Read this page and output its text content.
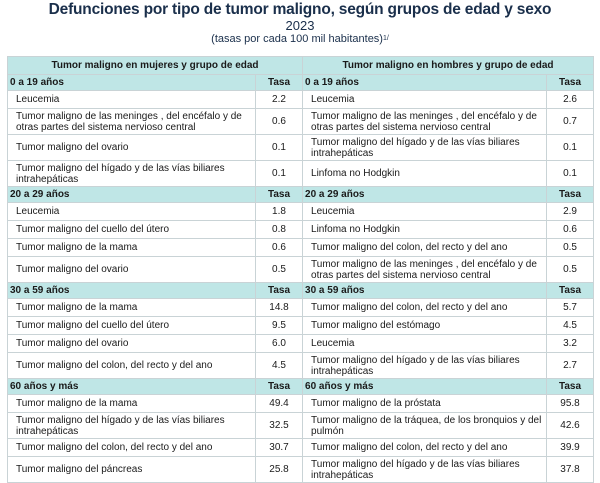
Defunciones por tipo de tumor maligno, según grupos de edad y sexo
2023
(tasas por cada 100 mil habitantes)$^{1/}$
Tumor maligno en mujeres y grupo de edad		Tumor maligno en hombres y grupo de edad	
0 a 19 años	Tasa	0 a 19 años	Tasa
Leucemia	2.2	Leucemia	2.6
Tumor maligno de las meninges , del encéfalo y de otras partes del sistema nervioso central	0.6	Tumor maligno de las meninges , del encéfalo y de otras partes del sistema nervioso central	0.7
Tumor maligno del ovario	0.1	Tumor maligno del hígado y de las vías biliares intrahepáticas	0.1
Tumor maligno del hígado y de las vías biliares intrahepáticas	0.1	Linfoma no Hodgkin	0.1
20 a 29 años	Tasa	20 a 29 años	Tasa
Leucemia	1.8	Leucemia	2.9
Tumor maligno del cuello del útero	0.8	Linfoma no Hodgkin	0.6
Tumor maligno de la mama	0.6	Tumor maligno del colon, del recto y del ano	0.5
Tumor maligno del ovario	0.5	Tumor maligno de las meninges , del encéfalo y de otras partes del sistema nervioso central	0.5
30 a 59 años	Tasa	30 a 59 años	Tasa
Tumor maligno de la mama	14.8	Tumor maligno del colon, del recto y del ano	5.7
Tumor maligno del cuello del útero	9.5	Tumor maligno del estómago	4.5
Tumor maligno del ovario	6.0	Leucemia	3.2
Tumor maligno del colon, del recto y del ano	4.5	Tumor maligno del hígado y de las vías biliares intrahepáticas	2.7
60 años y más	Tasa	60 años y más	Tasa
Tumor maligno de la mama	49.4	Tumor maligno de la próstata	95.8
Tumor maligno del hígado y de las vías biliares intrahepáticas	32.5	Tumor maligno de la tráquea, de los bronquios y del pulmón	42.6
Tumor maligno del colon, del recto y del ano	30.7	Tumor maligno del colon, del recto y del ano	39.9
Tumor maligno del páncreas	25.8	Tumor maligno del hígado y de las vías biliares intrahepáticas	37.8
